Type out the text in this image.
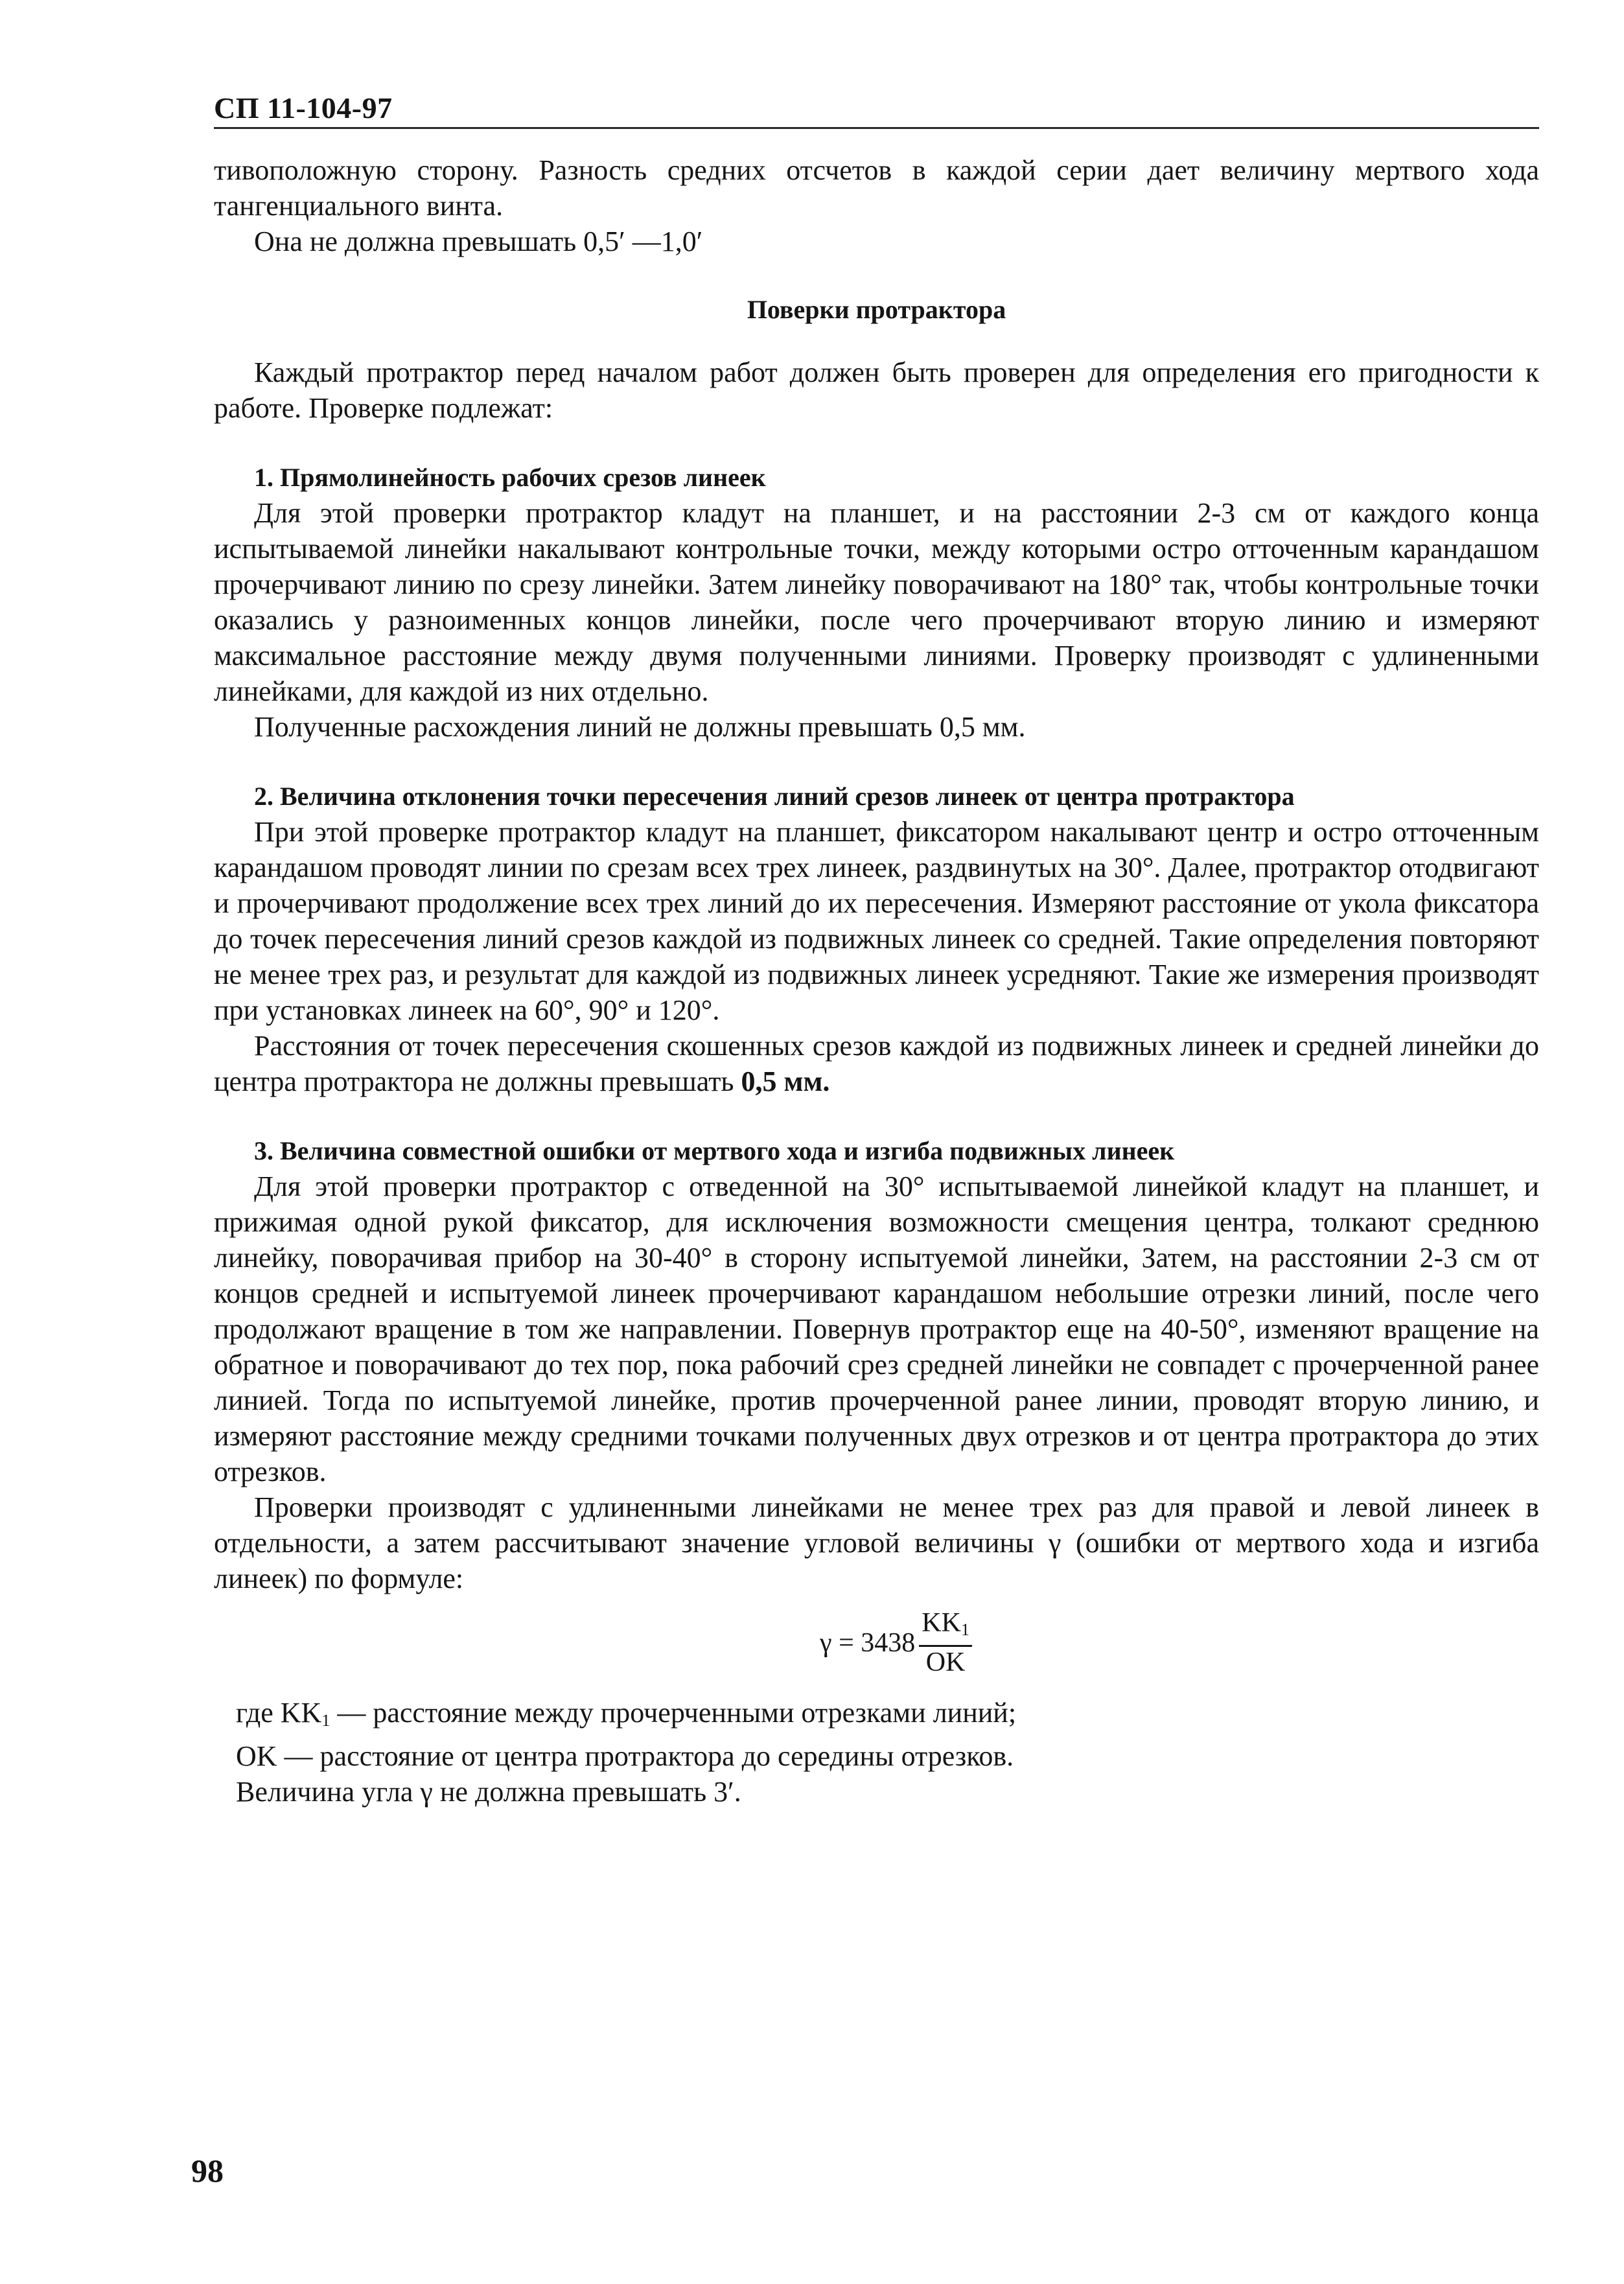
СП 11-104-97

тивоположную сторону. Разность средних отсчетов в каждой серии дает величину мертвого хода тангенциального винта.

Она не должна превышать 0,5′ —1,0′

Поверки протрактора

Каждый протрактор перед началом работ должен быть проверен для определения его пригодности к работе. Проверке подлежат:

1. Прямолинейность рабочих срезов линеек

Для этой проверки протрактор кладут на планшет, и на расстоянии 2-3 см от каждого конца испытываемой линейки накалывают контрольные точки, между которыми остро отточенным карандашом прочерчивают линию по срезу линейки. Затем линейку поворачивают на 180° так, чтобы контрольные точки оказались у разноименных концов линейки, после чего прочерчивают вторую линию и измеряют максимальное расстояние между двумя полученными линиями. Проверку производят с удлиненными линейками, для каждой из них отдельно.

Полученные расхождения линий не должны превышать 0,5 мм.

2. Величина отклонения точки пересечения линий срезов линеек от центра протрактора

При этой проверке протрактор кладут на планшет, фиксатором накалывают центр и остро отточенным карандашом проводят линии по срезам всех трех линеек, раздвинутых на 30°. Далее, протрактор отодвигают и прочерчивают продолжение всех трех линий до их пересечения. Измеряют расстояние от укола фиксатора до точек пересечения линий срезов каждой из подвижных линеек со средней. Такие определения повторяют не менее трех раз, и результат для каждой из подвижных линеек усредняют. Такие же измерения производят при установках линеек на 60°, 90° и 120°.

Расстояния от точек пересечения скошенных срезов каждой из подвижных линеек и средней линейки до центра протрактора не должны превышать 0,5 мм.

3. Величина совместной ошибки от мертвого хода и изгиба подвижных линеек

Для этой проверки протрактор с отведенной на 30° испытываемой линейкой кладут на планшет, и прижимая одной рукой фиксатор, для исключения возможности смещения центра, толкают среднюю линейку, поворачивая прибор на 30-40° в сторону испытуемой линейки, Затем, на расстоянии 2-3 см от концов средней и испытуемой линеек прочерчивают карандашом небольшие отрезки линий, после чего продолжают вращение в том же направлении. Повернув протрактор еще на 40-50°, изменяют вращение на обратное и поворачивают до тех пор, пока рабочий срез средней линейки не совпадет с прочерченной ранее линией. Тогда по испытуемой линейке, против прочерченной ранее линии, проводят вторую линию, и измеряют расстояние между средними точками полученных двух отрезков и от центра протрактора до этих отрезков.

Проверки производят с удлиненными линейками не менее трех раз для правой и левой линеек в отдельности, а затем рассчитывают значение угловой величины γ (ошибки от мертвого хода и изгиба линеек) по формуле:

$\gamma = 3438 \frac{KK_1}{OK}$

где $KK_1$ — расстояние между прочерченными отрезками линий;

OK — расстояние от центра протрактора до середины отрезков.

Величина угла γ не должна превышать 3′.

98
